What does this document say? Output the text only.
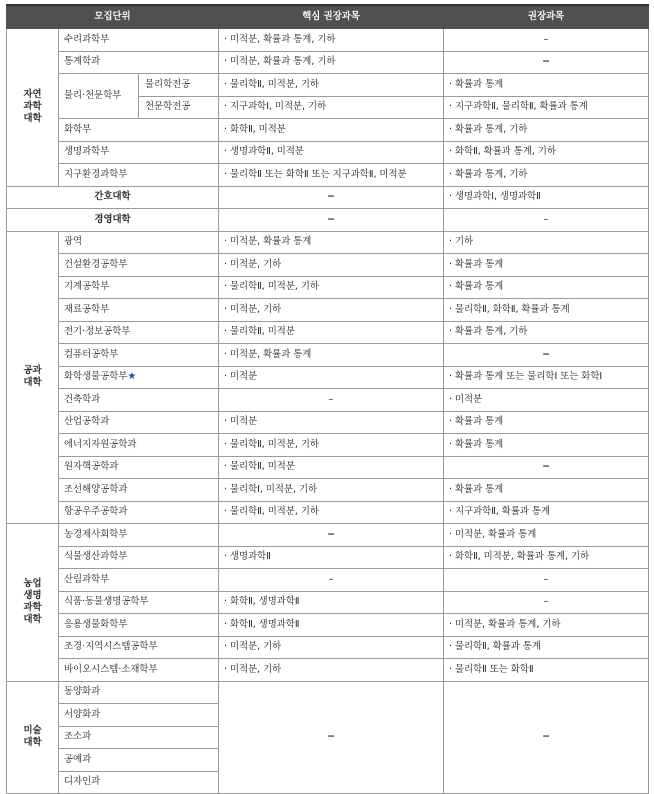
모집단위			핵심 권장과목	권장과목
자연 과학 대학	수리과학부		· 미적분, 확률과 통계, 기하	–
	통계학과		· 미적분, 확률과 통계, 기하	−
	물리·천문학부	물리학전공	· 물리학Ⅱ, 미적분, 기하	· 확률과 통계
		천문학전공	· 지구과학Ⅰ, 미적분, 기하	· 지구과학Ⅱ, 물리학Ⅱ, 확률과 통계
	화학부		· 화학Ⅱ, 미적분	· 확률과 통계, 기하
	생명과학부		· 생명과학Ⅱ, 미적분	· 화학Ⅱ, 확률과 통계, 기하
	지구환경과학부		· 물리학Ⅱ 또는 화학Ⅱ 또는 지구과학Ⅱ, 미적분	· 확률과 통계, 기하
간호대학			−	· 생명과학Ⅰ, 생명과학Ⅱ
경영대학			−	–
공과 대학	광역		· 미적분, 확률과 통계	· 기하
	건설환경공학부		· 미적분, 기하	· 확률과 통계
	기계공학부		· 물리학Ⅱ, 미적분, 기하	· 확률과 통계
	재료공학부		· 미적분, 기하	· 물리학Ⅱ, 화학Ⅱ, 확률과 통계
	전기·정보공학부		· 물리학Ⅱ, 미적분	· 확률과 통계, 기하
	컴퓨터공학부		· 미적분, 확률과 통계	−
	화학생물공학부★		· 미적분	· 확률과 통계 또는 물리학Ⅰ 또는 화학Ⅰ
	건축학과		–	· 미적분
	산업공학과		· 미적분	· 확률과 통계
	에너지자원공학과		· 물리학Ⅱ, 미적분, 기하	· 확률과 통계
	원자핵공학과		· 물리학Ⅱ, 미적분	−
	조선해양공학과		· 물리학Ⅰ, 미적분, 기하	· 확률과 통계
	항공우주공학과		· 물리학Ⅱ, 미적분, 기하	· 지구과학Ⅱ, 확률과 통계
농업 생명 과학 대학	농경제사회학부		−	· 미적분, 확률과 통계
	식물생산과학부		· 생명과학Ⅱ	· 화학Ⅱ, 미적분, 확률과 통계, 기하
	산림과학부		–	–
	식품·동물생명공학부		· 화학Ⅱ, 생명과학Ⅱ	–
	응용생물화학부		· 화학Ⅱ, 생명과학Ⅱ	· 미적분, 확률과 통계, 기하
	조경·지역시스템공학부		· 미적분, 기하	· 물리학Ⅱ, 확률과 통계
	바이오시스템·소재학부		· 미적분, 기하	· 물리학Ⅱ 또는 화학Ⅱ
미술 대학	동양화과		−	−
	서양화과			
	조소과			
	공예과			
	디자인과			
